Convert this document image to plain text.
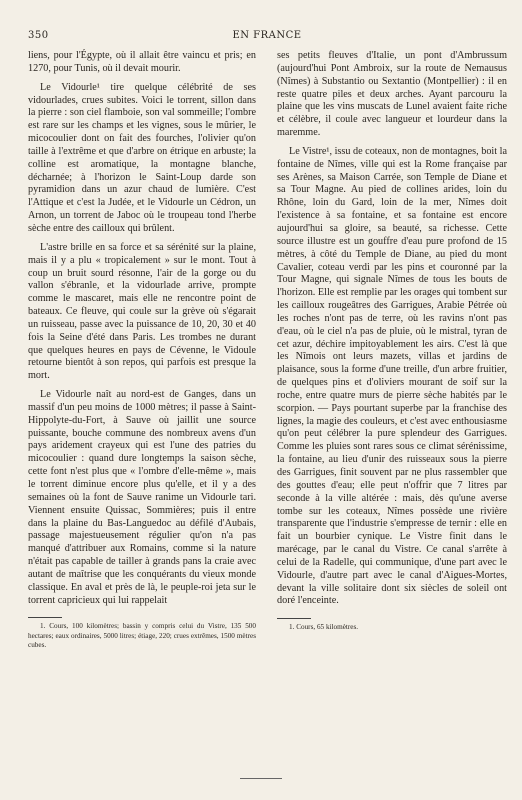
350	EN FRANCE

liens, pour l'Égypte, où il allait être vaincu et pris; en 1270, pour Tunis, où il devait mourir.

Le Vidourle¹ tire quelque célébrité de ses vidourlades, crues subites. Voici le torrent, sillon dans la pierre : son ciel flamboie, son val sommeille; l'ombre est rare sur les champs et les vignes, sous le mûrier, le micocoulier dont on fait des fourches, l'olivier qu'on taille à l'extrême et que d'arbre on étrique en arbuste; la colline est aromatique, la montagne blanche, décharnée; à l'horizon le Saint-Loup darde son pyramidion dans un azur chaud de lumière. C'est l'Attique et c'est la Judée, et le Vidourle un Cédron, un Arnon, un torrent de Jaboc où le troupeau tond l'herbe sèche entre des cailloux qui brûlent.

L'astre brille en sa force et sa sérénité sur la plaine, mais il y a plu « tropicalement » sur le mont. Tout à coup un bruit sourd résonne, l'air de la gorge ou du vallon s'ébranle, et la vidourlade arrive, prompte comme le mascaret, mais elle ne rencontre point de bateaux. Ce fleuve, qui coule sur la grève où s'égarait un ruisseau, passe avec la puissance de 10, 20, 30 et 40 fois la Seine d'été dans Paris. Les trombes ne durant que quelques heures en pays de Cévenne, le Vidoule retourne bientôt à son repos, qui parfois est presque la mort.

Le Vidourle naît au nord-est de Ganges, dans un massif d'un peu moins de 1000 mètres; il passe à Saint-Hippolyte-du-Fort, à Sauve où jaillit une source puissante, bouche commune des nombreux avens d'un pays aridement crayeux qui est l'une des patries du micocoulier : quand dure longtemps la saison sèche, cette font n'est plus que « l'ombre d'elle-même », mais le torrent diminue encore plus qu'elle, et il y a des semaines où la font de Sauve ranime un Vidourle tari. Viennent ensuite Quissac, Sommières; puis il entre dans la plaine du Bas-Languedoc au défilé d'Aubais, passage majestueusement régulier qu'on n'a pas manqué d'attribuer aux Romains, comme si la nature n'était pas capable de tailler à grands pans la craie avec autant de maîtrise que les conquérants du vieux monde classique. En aval et près de là, le peuple-roi jeta sur le torrent capricieux qui lui rappelait

1. Cours, 100 kilomètres; bassin y compris celui du Vistre, 135 500 hectares; eaux ordinaires, 5000 litres; étiage, 220; crues extrêmes, 1500 mètres cubes.

ses petits fleuves d'Italie, un pont d'Ambrussum (aujourd'hui Pont Ambroix, sur la route de Nemausus (Nîmes) à Substantio ou Sextantio (Montpellier) : il en reste quatre piles et deux arches. Ayant parcouru la plaine que les vins muscats de Lunel avaient faite riche et célèbre, il coule avec langueur et lourdeur dans la maremme.

Le Vistre¹, issu de coteaux, non de montagnes, boit la fontaine de Nîmes, ville qui est la Rome française par ses Arènes, sa Maison Carrée, son Temple de Diane et sa Tour Magne. Au pied de collines arides, loin du Rhône, loin du Gard, loin de la mer, Nîmes doit l'existence à sa fontaine, et sa fontaine est encore aujourd'hui sa gloire, sa beauté, sa richesse. Cette source illustre est un gouffre d'eau pure profond de 15 mètres, à côté du Temple de Diane, au pied du mont Cavalier, coteau verdi par les pins et couronné par la Tour Magne, qui signale Nîmes de tous les bouts de l'horizon. Elle est remplie par les orages qui tombent sur les cailloux rougeâtres des Garrigues, Arabie Pétrée où les roches n'ont pas de terre, où les ravins n'ont pas d'eau, où le ciel n'a pas de pluie, où le mistral, tyran de cet azur, déchire impitoyablement les airs. C'est là que les Nîmois ont leurs mazets, villas et jardins de plaisance, sous la forme d'une treille, d'un arbre fruitier, de quelques pins et d'oliviers mourant de soif sur la roche, entre quatre murs de pierre sèche habités par le scorpion. — Pays pourtant superbe par la franchise des lignes, la magie des couleurs, et c'est avec enthousiasme qu'on peut célébrer la pure splendeur des Garrigues. Comme les pluies sont rares sous ce climat sérénissime, la fontaine, au lieu d'unir des ruisseaux sous la pierre des Garrigues, finit souvent par ne plus rassembler que des gouttes d'eau; elle peut n'offrir que 7 litres par seconde à la ville altérée : mais, dès qu'une averse tombe sur les coteaux, Nîmes possède une rivière transparente que l'industrie s'empresse de ternir : elle en fait un bourbier cynique. Le Vistre finit dans le marécage, par le canal du Vistre. Ce canal s'arrête à celui de la Radelle, qui communique, d'une part avec le Vidourle, d'autre part avec le canal d'Aigues-Mortes, devant la ville solitaire dont six siècles de soleil ont doré l'enceinte.

1. Cours, 65 kilomètres.
